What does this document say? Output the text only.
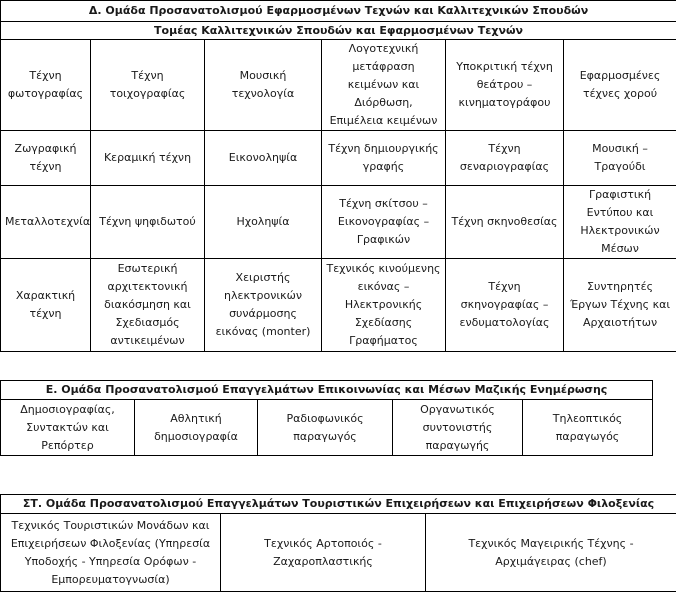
Δ. Ομάδα Προσανατολισμού Εφαρμοσμένων Τεχνών και Καλλιτεχνικών Σπουδών					
Τομέας Καλλιτεχνικών Σπουδών και Εφαρμοσμένων Τεχνών					
Τέχνη φωτογραφίας	Τέχνη τοιχογραφίας	Μουσική τεχνολογία	Λογοτεχνική μετάφραση κειμένων και Διόρθωση, Επιμέλεια κειμένων	Υποκριτική τέχνη θεάτρου – κινηματογράφου	Εφαρμοσμένες τέχνες χορού
Ζωγραφική τέχνη	Κεραμική τέχνη	Εικονοληψία	Τέχνη δημιουργικής γραφής	Τέχνη σεναριογραφίας	Μουσική – Τραγούδι
Μεταλλοτεχνία	Τέχνη ψηφιδωτού	Ηχοληψία	Τέχνη σκίτσου – Εικονογραφίας – Γραφικών	Τέχνη σκηνοθεσίας	Γραφιστική Εντύπου και Ηλεκτρονικών Μέσων
Χαρακτική τέχνη	Εσωτερική αρχιτεκτονική διακόσμηση και Σχεδιασμός αντικειμένων	Χειριστής ηλεκτρονικών συνάρμοσης εικόνας (monter)	Τεχνικός κινούμενης εικόνας – Ηλεκτρονικής Σχεδίασης Γραφήματος	Τέχνη σκηνογραφίας – ενδυματολογίας	Συντηρητές Έργων Τέχνης και Αρχαιοτήτων
Ε. Ομάδα Προσανατολισμού Επαγγελμάτων Επικοινωνίας και Μέσων Μαζικής Ενημέρωσης
Δημοσιογραφίας, Συντακτών και Ρεπόρτερ	Αθλητική δημοσιογραφία	Ραδιοφωνικός παραγωγός	Οργανωτικός συντονιστής παραγωγής	Τηλεοπτικός παραγωγός
ΣΤ. Ομάδα Προσανατολισμού Επαγγελμάτων Τουριστικών Επιχειρήσεων και Επιχειρήσεων Φιλοξενίας
Τεχνικός Τουριστικών Μονάδων και Επιχειρήσεων Φιλοξενίας (Υπηρεσία Υποδοχής - Υπηρεσία Ορόφων - Εμπορευματογνωσία)	Τεχνικός Αρτοποιός - Ζαχαροπλαστικής	Τεχνικός Μαγειρικής Τέχνης - Αρχιμάγειρας (chef)
